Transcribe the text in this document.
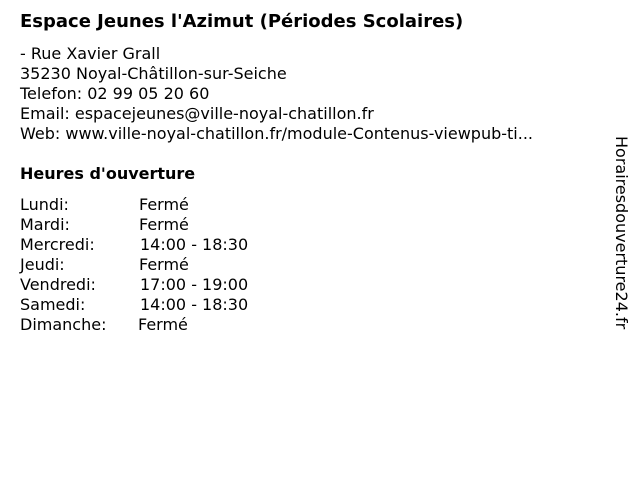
Espace Jeunes l'Azimut (Périodes Scolaires)
- Rue Xavier Grall
35230 Noyal-Châtillon-sur-Seiche
Telefon: 02 99 05 20 60
Email: espacejeunes@ville-noyal-chatillon.fr
Web: www.ville-noyal-chatillon.fr/module-Contenus-viewpub-ti...
Heures d'ouverture
Lundi:	Fermé
Mardi:	Fermé
Mercredi:	14:00 - 18:30
Jeudi:	Fermé
Vendredi:	17:00 - 19:00
Samedi:	14:00 - 18:30
Dimanche: Fermé	Horairesdouverture24.fr
